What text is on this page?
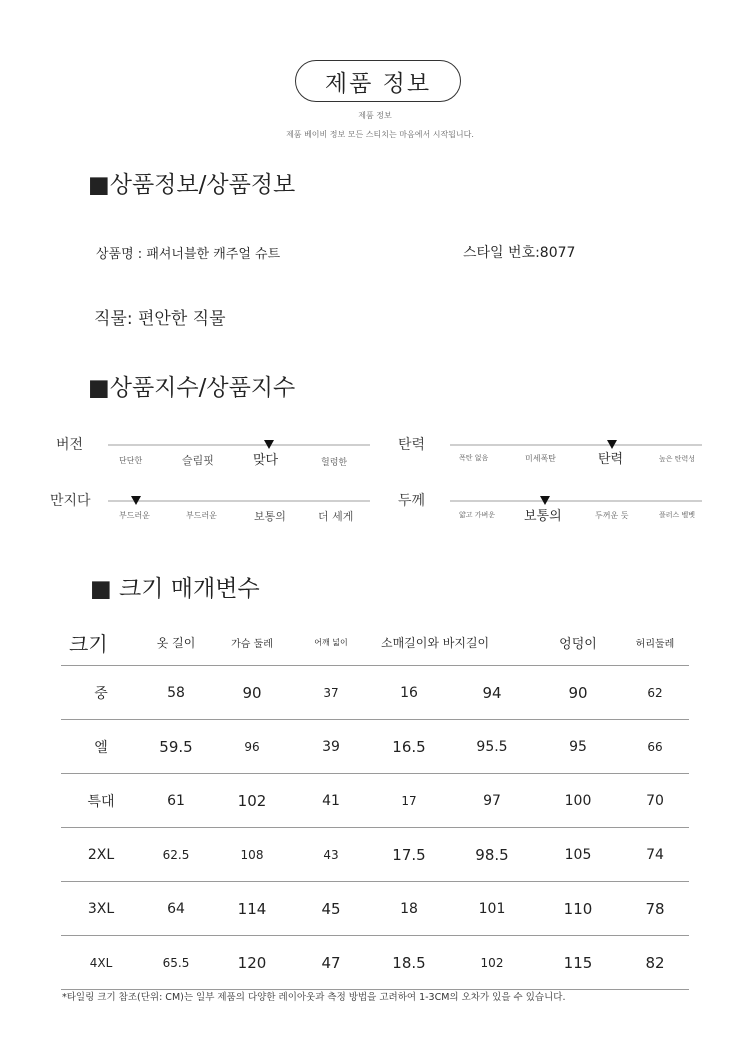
제품 정보
제품 정보
제품 베이비 정보 모든 스티치는 마음에서 시작됩니다.
■상품정보/상품정보
상품명 : 패셔너블한 캐주얼 슈트	스타일 번호:8077
직물: 편안한 직물
■상품지수/상품지수
버전
단단한	슬림핏	맞다	헐렁한
탄력
폭탄 없음	미세폭탄	탄력	높은 탄력성
만지다
부드러운	부드러운	보통의	더 세게
두께
얇고 가벼운 보통의	두꺼운 듯	플러스 벨벳
■ 크기 매개변수
크기	옷 길이	가슴 둘레	어깨 넓이	소매길이와 바지길이		엉덩이	허리둘레
중	58	90	37	16	94	90	62
엘	59.5	96	39	16.5	95.5	95	66
특대	61	102	41	17	97	100	70
2XL	62.5	108	43	17.5	98.5	105	74
3XL	64	114	45	18	101	110	78
4XL	65.5	120	47	18.5	102	115	82
*타일링 크기 참조(단위: CM)는 일부 제품의 다양한 레이아웃과 측정 방법을 고려하여 1-3CM의 오차가 있을 수 있습니다.
